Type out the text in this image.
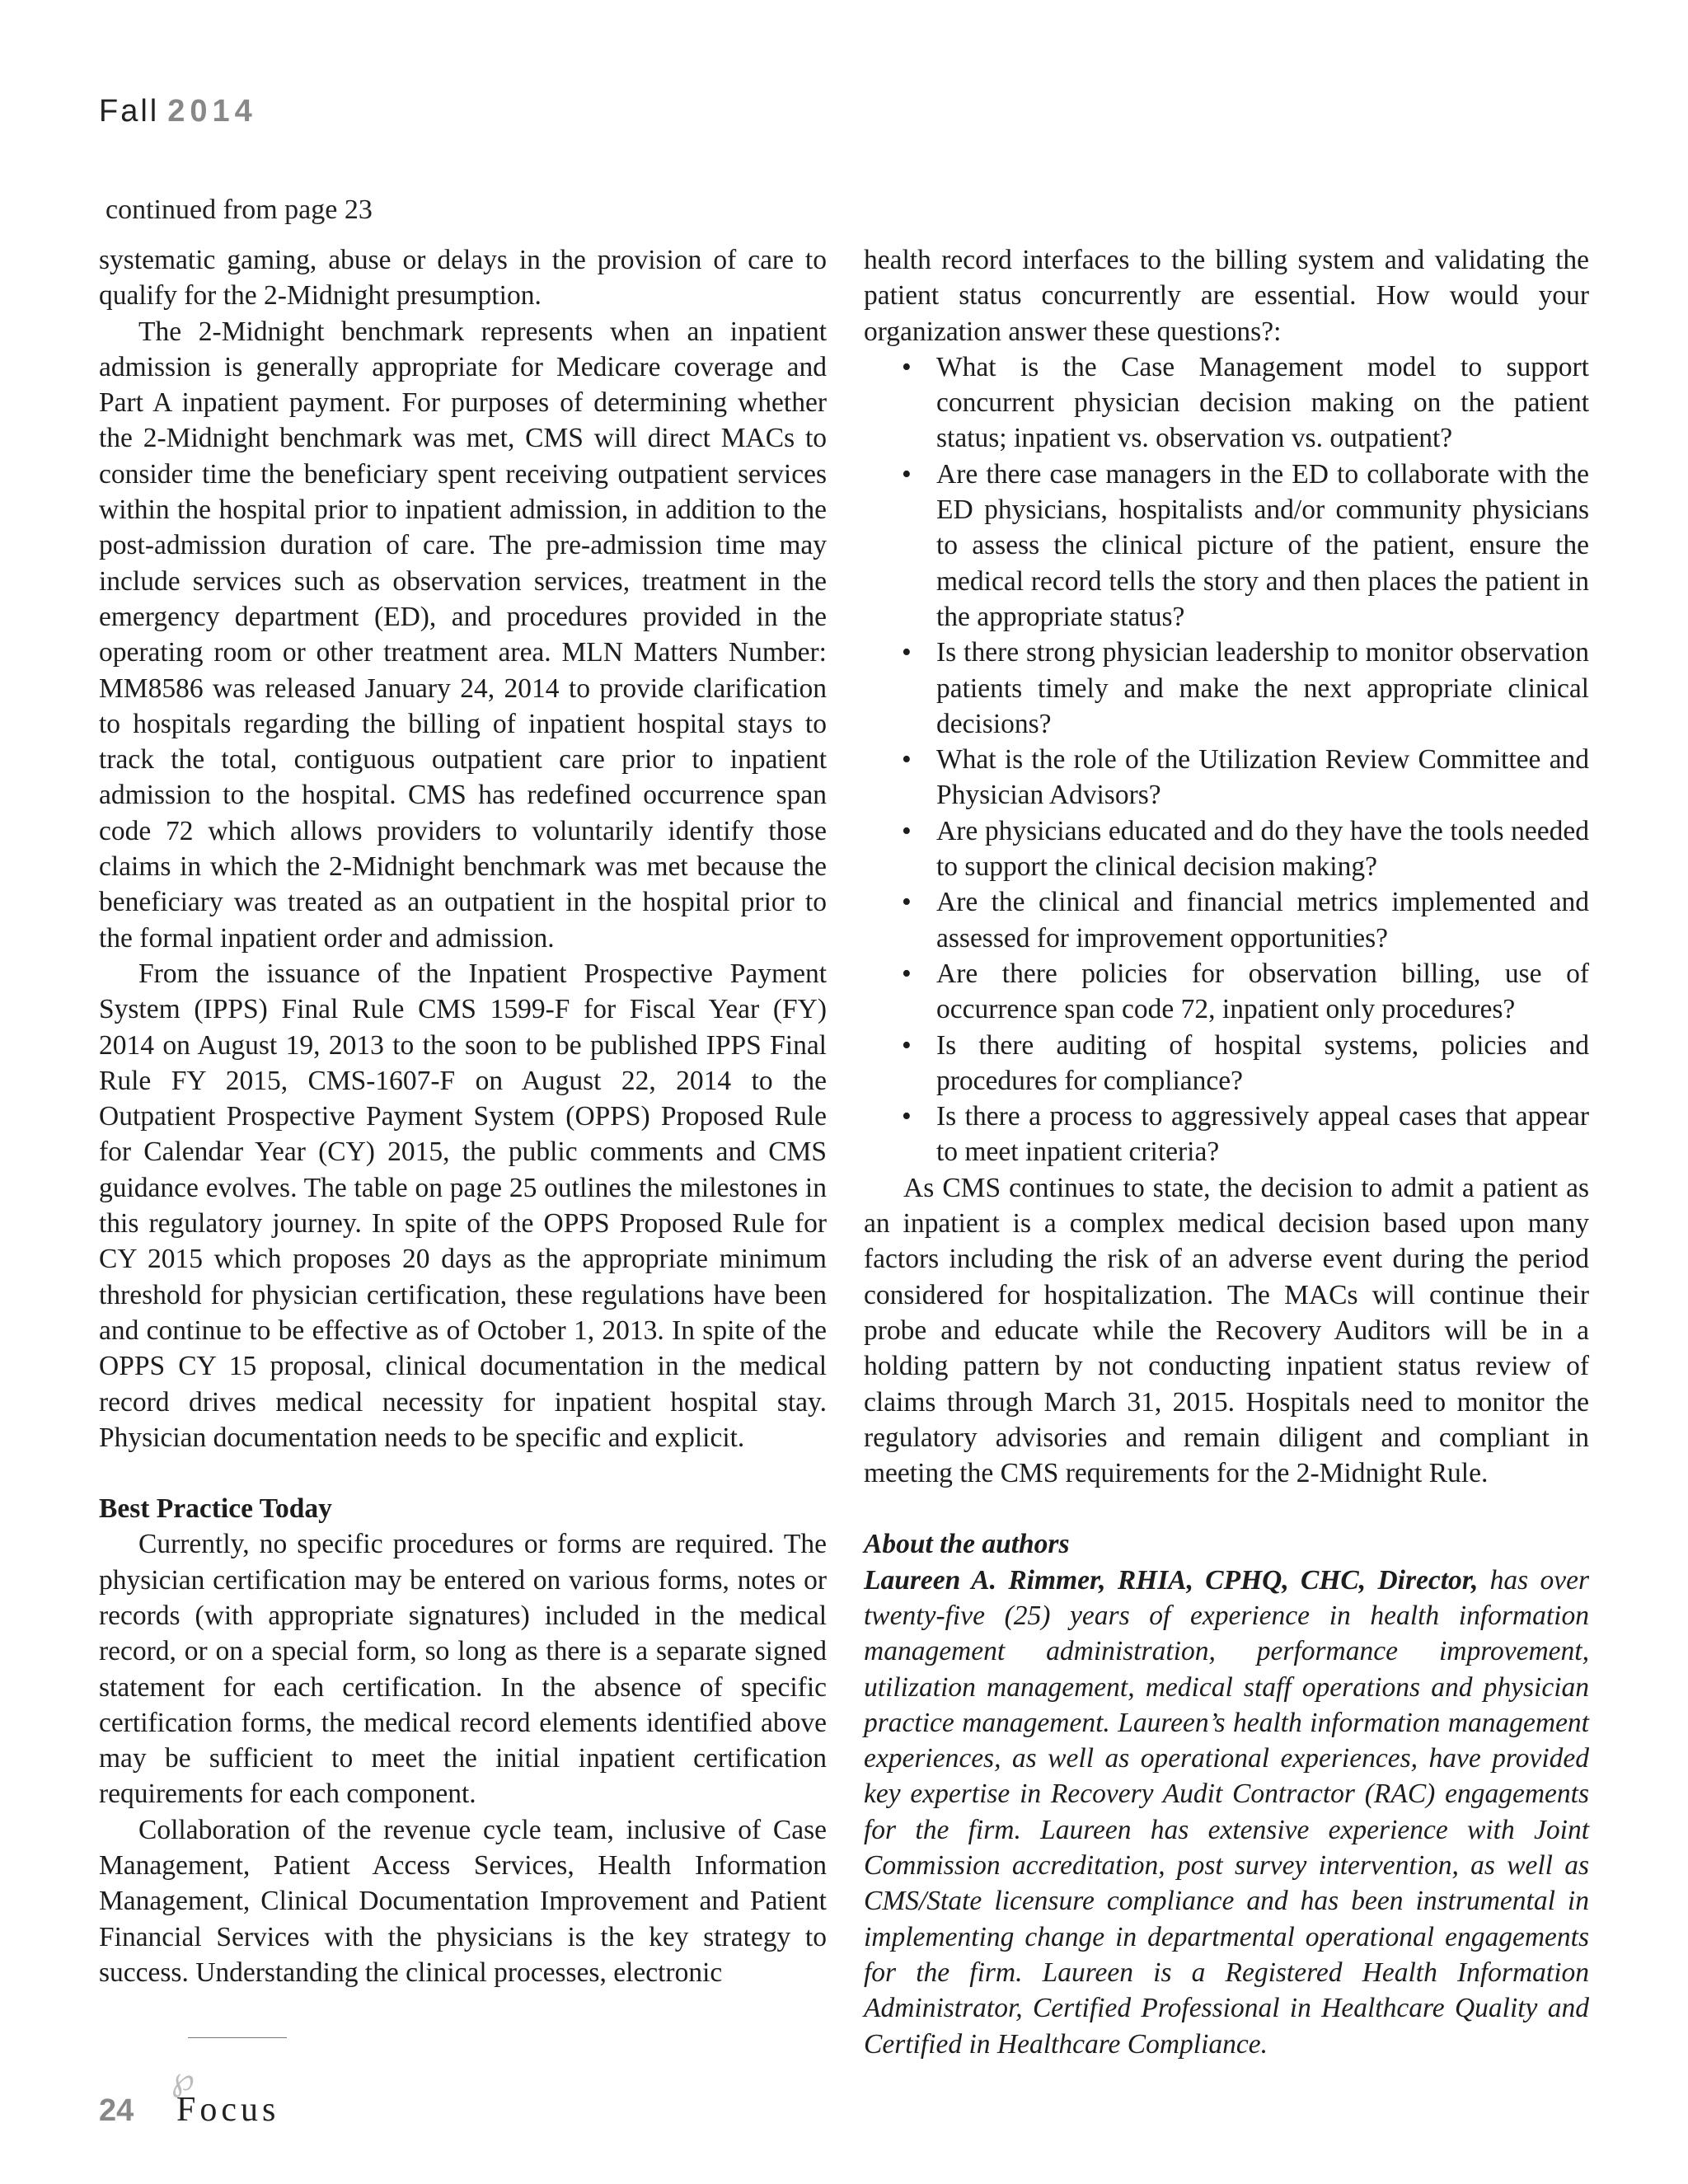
Fall 2014
continued from page 23

systematic gaming, abuse or delays in the provision of care to qualify for the 2-Midnight presumption.

The 2-Midnight benchmark represents when an inpatient admission is generally appropriate for Medicare coverage and Part A inpatient payment. For purposes of determining whether the 2-Midnight benchmark was met, CMS will direct MACs to consider time the beneficiary spent receiving outpatient services within the hospital prior to inpatient admission, in addition to the post-admission duration of care. The pre-admission time may include services such as observation services, treatment in the emergency department (ED), and procedures provided in the operating room or other treatment area. MLN Matters Number: MM8586 was released January 24, 2014 to provide clarification to hospitals regarding the billing of inpatient hospital stays to track the total, contiguous outpatient care prior to inpatient admission to the hospital. CMS has redefined occurrence span code 72 which allows providers to voluntarily identify those claims in which the 2-Midnight benchmark was met because the beneficiary was treated as an outpatient in the hospital prior to the formal inpatient order and admission.

From the issuance of the Inpatient Prospective Payment System (IPPS) Final Rule CMS 1599-F for Fiscal Year (FY) 2014 on August 19, 2013 to the soon to be published IPPS Final Rule FY 2015, CMS-1607-F on August 22, 2014 to the Outpatient Prospective Payment System (OPPS) Proposed Rule for Calendar Year (CY) 2015, the public comments and CMS guidance evolves. The table on page 25 outlines the milestones in this regulatory journey. In spite of the OPPS Proposed Rule for CY 2015 which proposes 20 days as the appropriate minimum threshold for physician certification, these regulations have been and continue to be effective as of October 1, 2013. In spite of the OPPS CY 15 proposal, clinical documentation in the medical record drives medical necessity for inpatient hospital stay. Physician documentation needs to be specific and explicit.

Best Practice Today

Currently, no specific procedures or forms are required. The physician certification may be entered on various forms, notes or records (with appropriate signatures) included in the medical record, or on a special form, so long as there is a separate signed statement for each certification. In the absence of specific certification forms, the medical record elements identified above may be sufficient to meet the initial inpatient certification requirements for each component.

Collaboration of the revenue cycle team, inclusive of Case Management, Patient Access Services, Health Information Management, Clinical Documentation Improvement and Patient Financial Services with the physicians is the key strategy to success. Understanding the clinical processes, electronic

health record interfaces to the billing system and validating the patient status concurrently are essential. How would your organization answer these questions?:

• What is the Case Management model to support concurrent physician decision making on the patient status; inpatient vs. observation vs. outpatient?
• Are there case managers in the ED to collaborate with the ED physicians, hospitalists and/or community physicians to assess the clinical picture of the patient, ensure the medical record tells the story and then places the patient in the appropriate status?
• Is there strong physician leadership to monitor observation patients timely and make the next appropriate clinical decisions?
• What is the role of the Utilization Review Committee and Physician Advisors?
• Are physicians educated and do they have the tools needed to support the clinical decision making?
• Are the clinical and financial metrics implemented and assessed for improvement opportunities?
• Are there policies for observation billing, use of occurrence span code 72, inpatient only procedures?
• Is there auditing of hospital systems, policies and procedures for compliance?
• Is there a process to aggressively appeal cases that appear to meet inpatient criteria?

As CMS continues to state, the decision to admit a patient as an inpatient is a complex medical decision based upon many factors including the risk of an adverse event during the period considered for hospitalization. The MACs will continue their probe and educate while the Recovery Auditors will be in a holding pattern by not conducting inpatient status review of claims through March 31, 2015. Hospitals need to monitor the regulatory advisories and remain diligent and compliant in meeting the CMS requirements for the 2-Midnight Rule.

About the authors

Laureen A. Rimmer, RHIA, CPHQ, CHC, Director, has over twenty-five (25) years of experience in health information management administration, performance improvement, utilization management, medical staff operations and physician practice management. Laureen’s health information management experiences, as well as operational experiences, have provided key expertise in Recovery Audit Contractor (RAC) engagements for the firm. Laureen has extensive experience with Joint Commission accreditation, post survey intervention, as well as CMS/State licensure compliance and has been instrumental in implementing change in departmental operational engagements for the firm. Laureen is a Registered Health Information Administrator, Certified Professional in Healthcare Quality and Certified in Healthcare Compliance.

℘
24 Focus
